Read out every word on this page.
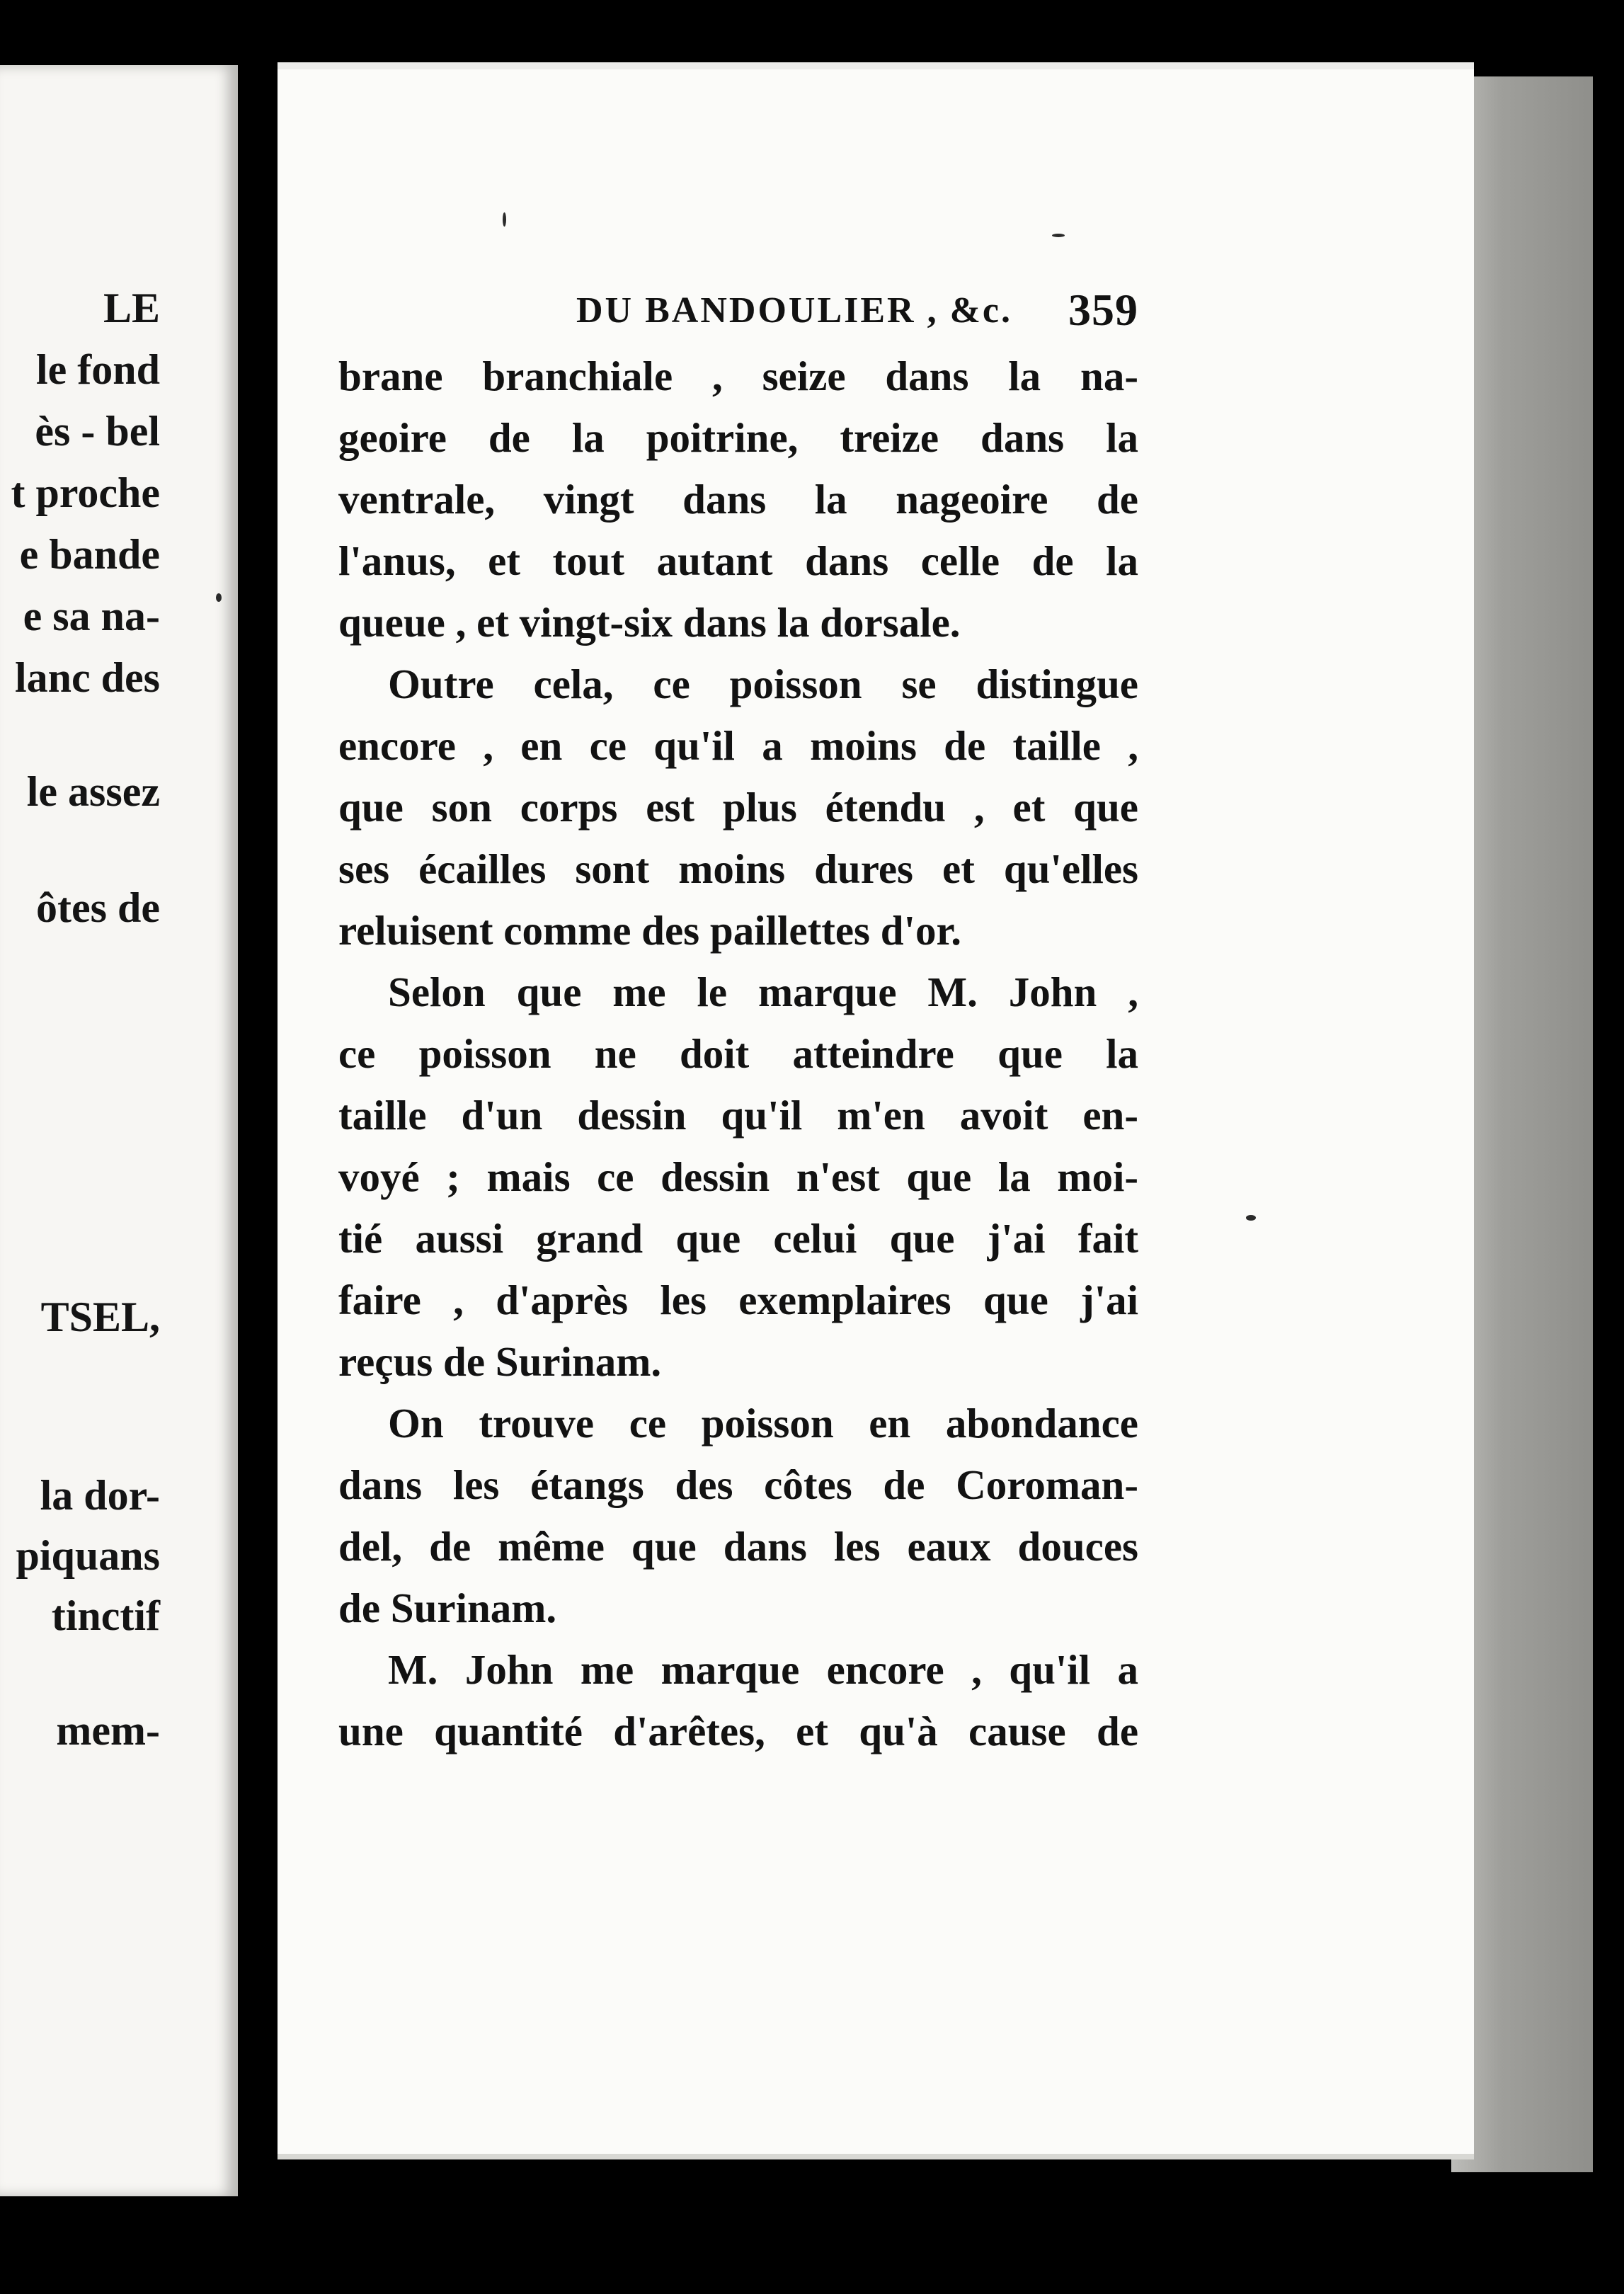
LE
le fond
ès - bel
t proche
e bande
e sa na-
lanc des
le assez
ôtes de
TSEL,
la dor-
piquans
tinctif
mem-
DU BANDOULIER , &c. 359
brane branchiale , seize dans la na-
geoire de la poitrine, treize dans la
ventrale, vingt dans la nageoire de
l'anus, et tout autant dans celle de la
queue , et vingt-six dans la dorsale.
Outre cela, ce poisson se distingue
encore , en ce qu'il a moins de taille ,
que son corps est plus étendu , et que
ses écailles sont moins dures et qu'elles
reluisent comme des paillettes d'or.
Selon que me le marque M. John ,
ce poisson ne doit atteindre que la
taille d'un dessin qu'il m'en avoit en-
voyé ; mais ce dessin n'est que la moi-
tié aussi grand que celui que j'ai fait
faire , d'après les exemplaires que j'ai
reçus de Surinam.
On trouve ce poisson en abondance
dans les étangs des côtes de Coroman-
del, de même que dans les eaux douces
de Surinam.
M. John me marque encore , qu'il a
une quantité d'arêtes, et qu'à cause de
